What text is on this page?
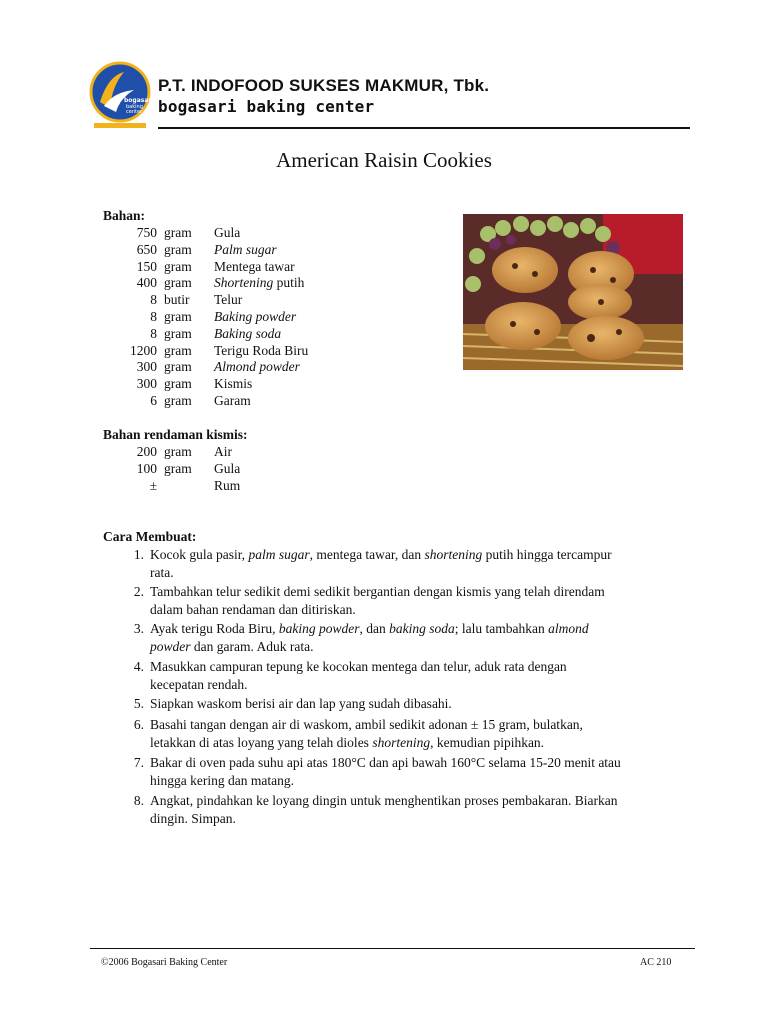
bogasari
baking
center
P.T. INDOFOOD SUKSES MAKMUR, Tbk.
bogasari baking center
American Raisin Cookies
Bahan:
750 gram Gula
650 gram Palm sugar
150 gram Mentega tawar
400 gram Shortening putih
8 butir Telur
8 gram Baking powder
8 gram Baking soda
1200 gram Terigu Roda Biru
300 gram Almond powder
300 gram Kismis
6 gram Garam
Bahan rendaman kismis:
200 gram Air
100 gram Gula
±	Rum
Cara Membuat:
1. Kocok gula pasir, palm sugar, mentega tawar, dan shortening putih hingga tercampur
rata.
2. Tambahkan telur sedikit demi sedikit bergantian dengan kismis yang telah direndam
dalam bahan rendaman dan ditiriskan.
3. Ayak terigu Roda Biru, baking powder, dan baking soda; lalu tambahkan almond
powder dan garam. Aduk rata.
4. Masukkan campuran tepung ke kocokan mentega dan telur, aduk rata dengan
kecepatan rendah.
5. Siapkan waskom berisi air dan lap yang sudah dibasahi.
6. Basahi tangan dengan air di waskom, ambil sedikit adonan ± 15 gram, bulatkan,
letakkan di atas loyang yang telah dioles shortening, kemudian pipihkan.
7. Bakar di oven pada suhu api atas 180°C dan api bawah 160°C selama 15-20 menit atau
hingga kering dan matang.
8. Angkat, pindahkan ke loyang dingin untuk menghentikan proses pembakaran. Biarkan
dingin. Simpan.
©2006 Bogasari Baking Center	AC 210
